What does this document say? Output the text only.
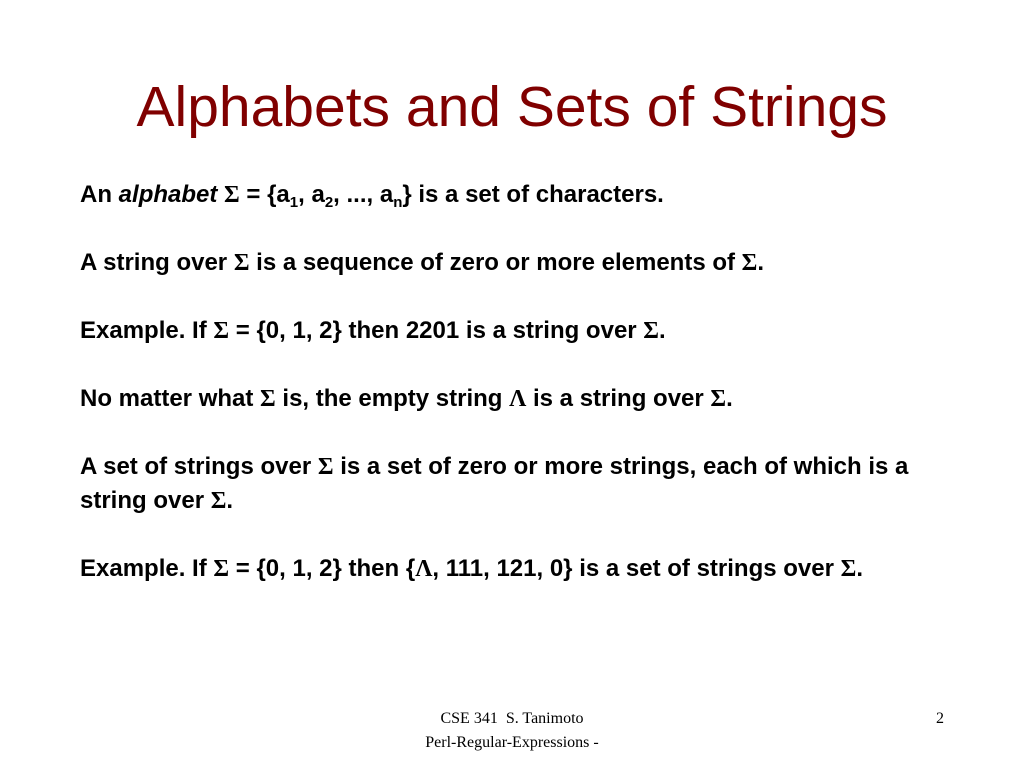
Alphabets and Sets of Strings

An alphabet $\Sigma = \{a_1$, $a_2$, ..., $a_n$} is a set of characters.

A string over Σ is a sequence of zero or more elements of Σ.

Example. If Σ = {0, 1, 2} then 2201 is a string over Σ.

No matter what Σ is, the empty string Λ is a string over Σ.

A set of strings over Σ is a set of zero or more strings, each of which is a string over Σ.

Example. If Σ = {0, 1, 2} then {Λ, 111, 121, 0} is a set of strings over Σ.

CSE 341  S. Tanimoto
Perl-Regular-Expressions -
2
